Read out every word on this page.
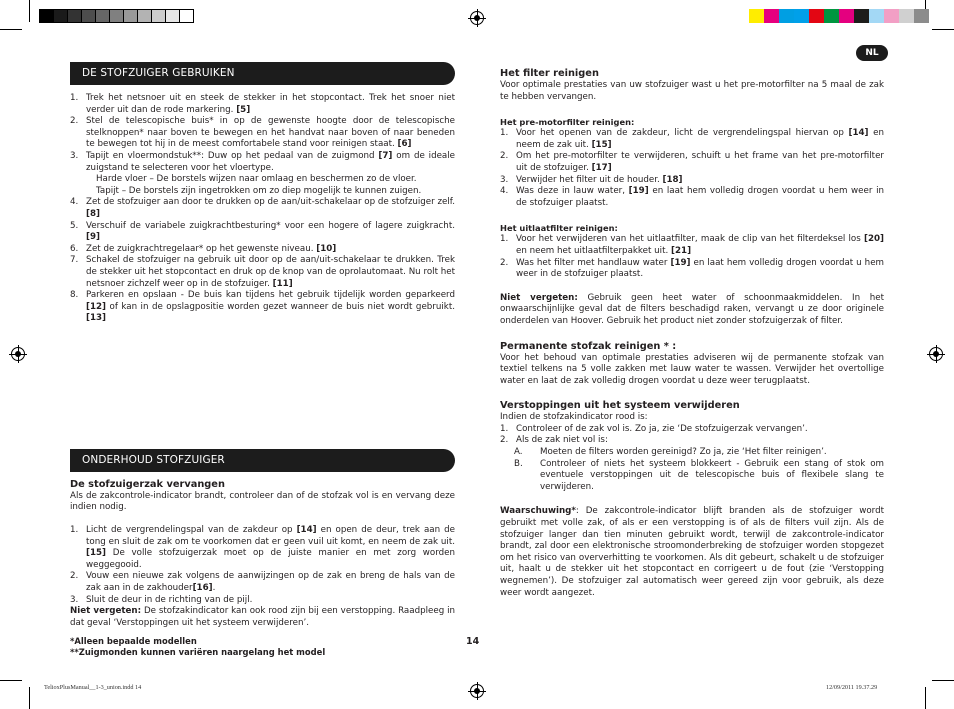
NL
DE STOFZUIGER GEBRUIKEN
1. Trek het netsnoer uit en steek de stekker in het stopcontact. Trek het snoer niet verder uit dan de rode markering. [5]
2. Stel de telescopische buis* in op de gewenste hoogte door de telescopische stelknoppen* naar boven te bewegen en het handvat naar boven of naar beneden te bewegen tot hij in de meest comfortabele stand voor reinigen staat. [6]
3. Tapijt en vloermondstuk**: Duw op het pedaal van de zuigmond [7] om de ideale zuigstand te selecteren voor het vloertype.
Harde vloer – De borstels wijzen naar omlaag en beschermen zo de vloer.
Tapijt – De borstels zijn ingetrokken om zo diep mogelijk te kunnen zuigen.
4. Zet de stofzuiger aan door te drukken op de aan/uit-schakelaar op de stofzuiger zelf. [8]
5. Verschuif de variabele zuigkrachtbesturing* voor een hogere of lagere zuigkracht. [9]
6. Zet de zuigkrachtregelaar* op het gewenste niveau. [10]
7. Schakel de stofzuiger na gebruik uit door op de aan/uit-schakelaar te drukken. Trek de stekker uit het stopcontact en druk op de knop van de oprolautomaat. Nu rolt het netsnoer zichzelf weer op in de stofzuiger. [11]
8. Parkeren en opslaan - De buis kan tijdens het gebruik tijdelijk worden geparkeerd [12] of kan in de opslagpositie worden gezet wanneer de buis niet wordt gebruikt. [13]
ONDERHOUD STOFZUIGER
De stofzuigerzak vervangen

Als de zakcontrole-indicator brandt, controleer dan of de stofzak vol is en vervang deze indien nodig.

1. Licht de vergrendelingspal van de zakdeur op [14] en open de deur, trek aan de tong en sluit de zak om te voorkomen dat er geen vuil uit komt, en neem de zak uit. [15] De volle stofzuigerzak moet op de juiste manier en met zorg worden weggegooid.
2. Vouw een nieuwe zak volgens de aanwijzingen op de zak en breng de hals van de zak aan in de zakhouder[16].
3. Sluit de deur in de richting van de pijl.

Niet vergeten: De stofzakindicator kan ook rood zijn bij een verstopping. Raadpleeg in dat geval ‘Verstoppingen uit het systeem verwijderen’.

Het filter reinigen

Voor optimale prestaties van uw stofzuiger wast u het pre-motorfilter na 5 maal de zak te hebben vervangen.

Het pre-motorfilter reinigen:
1. Voor het openen van de zakdeur, licht de vergrendelingspal hiervan op [14] en neem de zak uit. [15]
2. Om het pre-motorfilter te verwijderen, schuift u het frame van het pre-motorfilter uit de stofzuiger. [17]
3. Verwijder het filter uit de houder. [18]
4. Was deze in lauw water, [19] en laat hem volledig drogen voordat u hem weer in de stofzuiger plaatst.
Het uitlaatfilter reinigen:
1. Voor het verwijderen van het uitlaatfilter, maak de clip van het filterdeksel los [20] en neem het uitlaatfilterpakket uit. [21]
2. Was het filter met handlauw water [19] en laat hem volledig drogen voordat u hem weer in de stofzuiger plaatst.

Niet vergeten: Gebruik geen heet water of schoonmaakmiddelen. In het onwaarschijnlijke geval dat de filters beschadigd raken, vervangt u ze door originele onderdelen van Hoover. Gebruik het product niet zonder stofzuigerzak of filter.

Permanente stofzak reinigen * :

Voor het behoud van optimale prestaties adviseren wij de permanente stofzak van textiel telkens na 5 volle zakken met lauw water te wassen. Verwijder het overtollige water en laat de zak volledig drogen voordat u deze weer terugplaatst.

Verstoppingen uit het systeem verwijderen

Indien de stofzakindicator rood is:

1. Controleer of de zak vol is. Zo ja, zie ‘De stofzuigerzak vervangen’.
2. Als de zak niet vol is:
A. Moeten de filters worden gereinigd? Zo ja, zie ‘Het filter reinigen’.
B. Controleer of niets het systeem blokkeert - Gebruik een stang of stok om eventuele verstoppingen uit de telescopische buis of flexibele slang te verwijderen.

Waarschuwing*: De zakcontrole-indicator blijft branden als de stofzuiger wordt gebruikt met volle zak, of als er een verstopping is of als de filters vuil zijn. Als de stofzuiger langer dan tien minuten gebruikt wordt, terwijl de zakcontrole-indicator brandt, zal door een elektronische stroomonderbreking de stofzuiger worden stopgezet om het risico van oververhitting te voorkomen. Als dit gebeurt, schakelt u de stofzuiger uit, haalt u de stekker uit het stopcontact en corrigeert u de fout (zie ‘Verstopping wegnemen’). De stofzuiger zal automatisch weer gereed zijn voor gebruik, als deze weer wordt aangezet.

*Alleen bepaalde modellen
**Zuigmonden kunnen variëren naargelang het model
14
TelioxPlusManual__1-3_union.indd 14	12/09/2011 19.37.29
